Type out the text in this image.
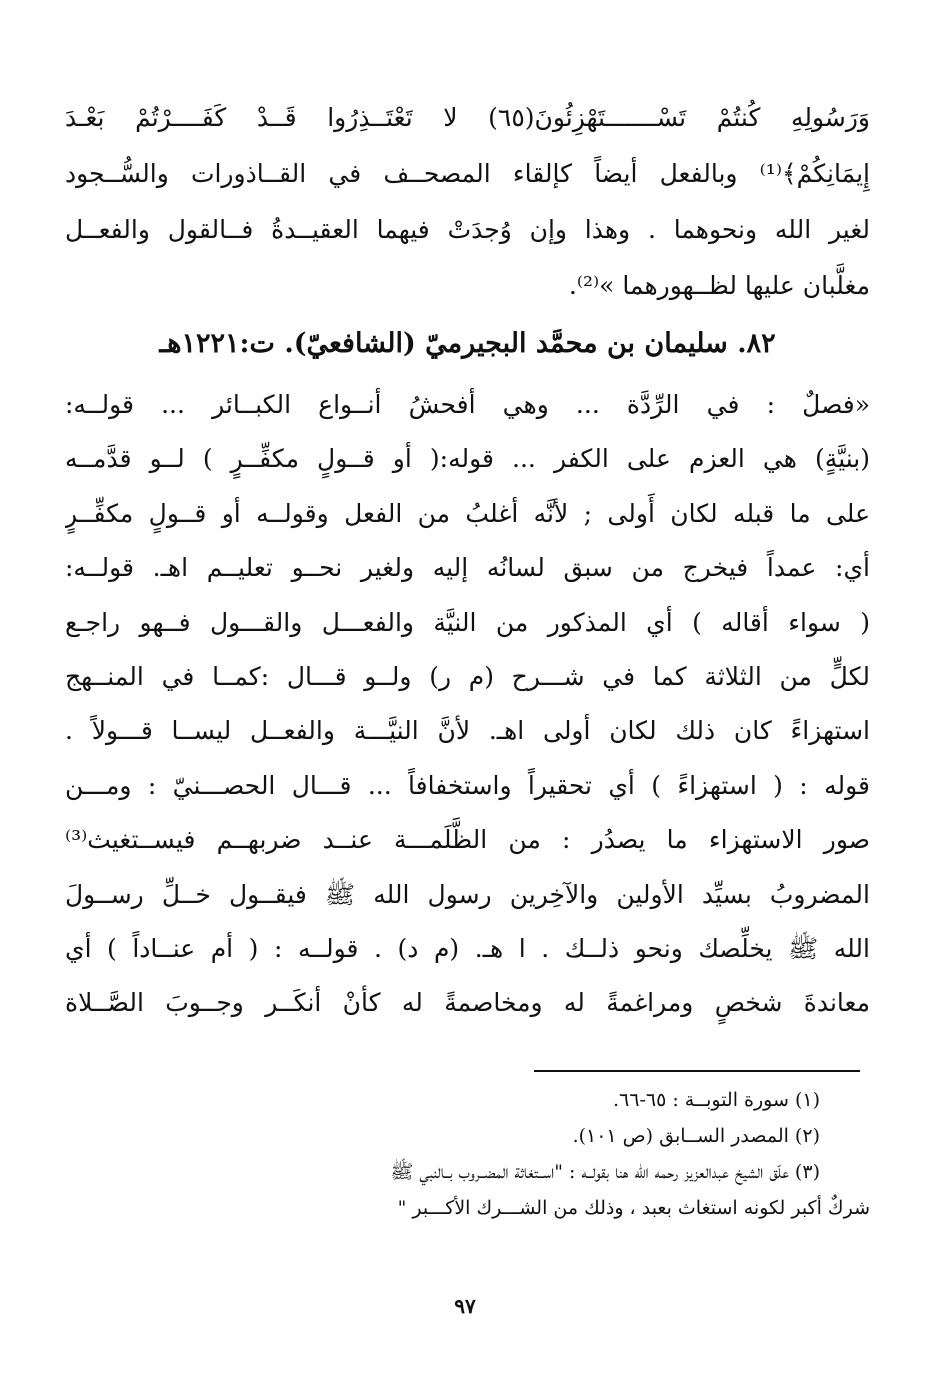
وَرَسُولِهِ كُنتُمْ تَسْـــــــتَهْزِئُونَ(٦٥) لا تَعْتَــذِرُوا قَــدْ كَفَــــرْتُمْ بَعْـدَ
إِيمَانِكُمْ﴾⁽¹⁾ وبالفعل أيضاً كإلقاء المصحــف في القــاذورات والسُّــجود
لغير الله ونحوهما . وهذا وإن وُجدَتْ فيهما العقيــدةُ فــالقول والفعــل
مغلَّبان عليها لظــهورهما »⁽²⁾.
٨٢. سليمان بن محمَّد البجيرميّ (الشافعيّ). ت:١٢٢١هـ
«فصلٌ : في الرِّدَّة ... وهي أفحشُ أنــواع الكبــائر ... قولــه:
(بنيَّةٍ) هي العزم على الكفر ... قوله:( أو قــولٍ مكفِّــرٍ ) لــو قدَّمــه
على ما قبله لكان أَولى ; لأنَّه أغلبُ من الفعل وقولــه أو قــولٍ مكفِّــرٍ
أي: عمداً فيخرج من سبق لسانُه إليه ولغير نحــو تعليــم اهـ. قولــه:
( سواء أقاله ) أي المذكور من النيَّة والفعـــل والقـــول فــهو راجـع
لكلٍّ من الثلاثة كما في شـــرح (م ر) ولــو قـــال :كمــا في المنــهج
استهزاءً كان ذلك لكان أولى اهـ. لأنَّ النيَّـــة والفعــل ليســا قـــولاً .
قوله : ( استهزاءً ) أي تحقيراً واستخفافاً ... قـــال الحصـــنيّ : ومـــن
صور الاستهزاء ما يصدُر : من الظَّلَمـــة عنــد ضربهــم فيســتغيث⁽³⁾
المضروبُ بسيِّد الأولين والآخِرين رسول الله ﷺ فيقــول خــلِّ رســولَ
الله ﷺ يخلِّصك ونحو ذلــك . ا هـ. (م د) . قولــه : ( أم عنــاداً ) أي
معاندةَ شخصٍ ومراغمةً له ومخاصمةً له كأنْ أنكَــر وجــوبَ الصَّــلاة
(١) سورة التوبــة : ٦٥-٦٦.
(٢) المصدر الســابق (ص ١٠١).
(٣) علّق الشيخ عبدالعزيز رحمه الله هنا بقولــه : "اســتغاثة المضــروب بــالنبي ﷺ
شركٌ أكبر لكونه استغاث بعبد ، وذلك من الشـــرك الأكـــبر "
٩٧
